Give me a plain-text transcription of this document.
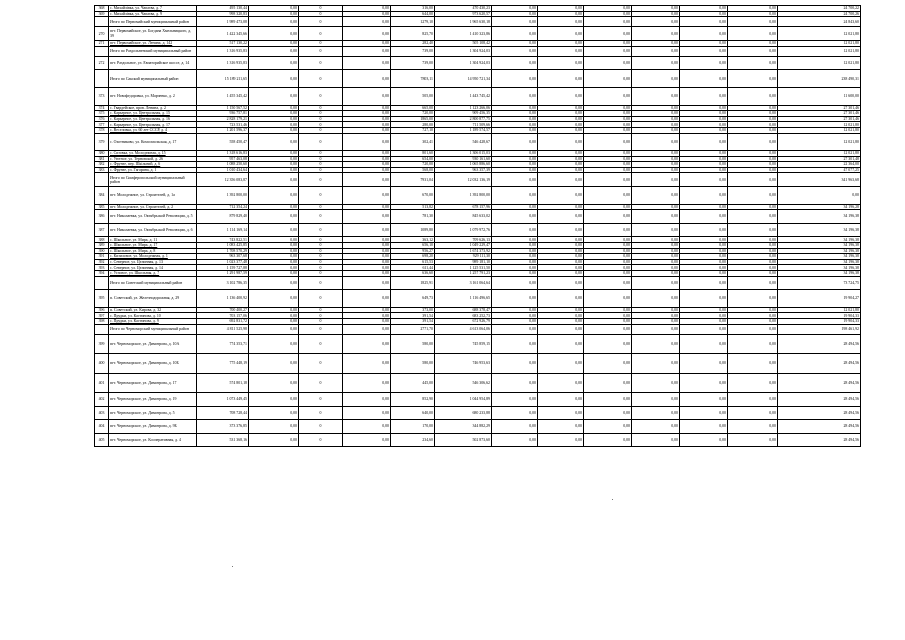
368	с. Михайлівка, ул. Чапаєва, д. 7	495 130,44	0,00	0	0,00	316,00	470 430,23	0,00	0,00	0,00	0,00	0,00	0,00	24 700,22
369	с. Михайлівка, ул. Чапаєва, д. 9	998 320,83	0,00	0	0,00	644,00	973 620,57	0,00	0,00	0,00	0,00	0,00	0,00	24 700,26
	Итого по Первомайский муниципальный район	1 989 473,08	0,00	0	0,00	1279,10	1 965 630,18	0,00	0,00	0,00	0,00	0,00	0,00	24 843,60
270	пгт. Первомайское, ул. Богдана Хмельницкого, д. 39	1 422 345,66	0,00	0	0,00	825,70	1 410 323,86	0,00	0,00	0,00	0,00	0,00	0,00	12 021,80
271	пгт. Первомайское, ул. Ленина, д. 142	517 130,22	0,00	0	0,00	282,40	505 108,42	0,00	0,00	0,00	0,00	0,00	0,00	12 021,80
	Итого по Раздольненский муниципальный район	1 316 935,83	0,00	0	0,00	739,00	1 304 924,03	0,00	0,00	0,00	0,00	0,00	0,00	12 021,80
272	пгт. Раздольное, ул. Евпаторийское шоссе, д. 14	1 316 935,83	0,00	0	0,00	739,00	1 304 924,03	0,00	0,00	0,00	0,00	0,00	0,00	12 021,80
	Итого по Сакский муниципальный район	15 189 211,65	0,00	0	0,00	7803,11	14 950 721,34	0,00	0,00	0,00	0,00	0,00	0,00	238 490,31
373	пгт. Новофедоровка, ул. Марченко, д. 2	1 455 345,42	0,00	0	0,00	505,00	1 443 745,42	0,00	0,00	0,00	0,00	0,00	0,00	11 600,00
374	с. Гвардейское, пров. Ленина, д. 2	1 150 567,52	0,00	0	0,00	665,00	1 123 266,06	0,00	0,00	0,00	0,00	0,00	0,00	27 301,46
375	с. Карьерное, ул. Центральная, д. 15	936 757,81	0,00	0	0,00	720,00	909 456,35	0,00	0,00	0,00	0,00	0,00	0,00	27 301,46
376	с. Карьерное, ул. Центральная, д. 16	2 828 179,21	0,00	0	0,00	1865,00	2 800 877,75	0,00	0,00	0,00	0,00	0,00	0,00	27 301,46
377	с. Карьерное, ул. Центральная, д. 17	723 531,46	0,00	0	0,00	280,00	711 509,66	0,00	0,00	0,00	0,00	0,00	0,00	12 021,80
378	с. Веселовка, ул. 60 лет СССР, д. 4	1 201 596,37	0,00	0	0,00	727,10	1 189 574,57	0,00	0,00	0,00	0,00	0,00	0,00	12 021,80
379	с. Охотниково, ул. Комсомольская, д. 17	558 450,47	0,00	0	0,00	302,41	546 428,67	0,00	0,00	0,00	0,00	0,00	0,00	12 021,80
380	с. Сизовка, ул. Молодежная, д. 15	1 318 616,83	0,00	0	0,00	801,60	1 306 015,03	0,00	0,00	0,00	0,00	0,00	0,00	12 021,80
381	с. Уютное, ул. Терновской, д. 26	957 463,08	0,00	0	0,00	654,00	930 161,60	0,00	0,00	0,00	0,00	0,00	0,00	27 301,48
382	с. Фрунзе, пер. Шкільний, д. 6	1 088 250,60	0,00	0	0,00	720,00	1 065 886,60	0,00	0,00	0,00	0,00	0,00	0,00	22 364,00
383	с. Фрунзе, ул. Гагарина, д. 1	1 010 434,64	0,00	0	0,00	568,00	963 357,39	0,00	0,00	0,00	0,00	0,00	0,00	47 077,25
	Итого по Симферопольский муниципальный район	12 356 083,87	0,00	0	0,00	7931,04	12 032 136,19	0,00	0,00	0,00	0,00	0,00	0,00	341 963,68
384	пгт. Молодежное, ул. Строителей, д. 1а	1 392 800,00	0,00	0	0,00	670,00	1 392 800,00	0,00	0,00	0,00	0,00	0,00	0,00	0,00
385	пгт. Молодежное, ул. Строителей, д. 2	712 354,24	0,00	0	0,00	513,82	678 157,96	0,00	0,00	0,00	0,00	0,00	0,00	34 196,28
386	пгт. Николаевка, ул. Октябрьской Революции, д. 5	879 829,40	0,00	0	0,00	781,30	845 633,02	0,00	0,00	0,00	0,00	0,00	0,00	34 196,38
387	пгт. Николаевка, ул. Октябрьской Революции, д. 6	1 114 169,14	0,00	0	0,00	1089,80	1 079 972,76	0,00	0,00	0,00	0,00	0,00	0,00	34 196,38
388	с. Школьное, ул. Мира, д. 11	743 822,51	0,00	0	0,00	363,12	709 626,13	0,00	0,00	0,00	0,00	0,00	0,00	34 196,38
389	с. Школьное, ул. Мира, д. 17	1 083 425,85	0,00	0	0,00	656,10	1 049 229,47	0,00	0,00	0,00	0,00	0,00	0,00	34 196,38
390	с. Школьное, ул. Мира, д. 8	1 708 570,29	0,00	0	0,00	956,27	1 674 373,92	0,00	0,00	0,00	0,00	0,00	0,00	34 196,38
391	с. Кизиловое, ул. Молодежная, д. 1	963 307,68	0,00	0	0,00	698,20	929 111,30	0,00	0,00	0,00	0,00	0,00	0,00	34 196,38
392	с. Северное, ул. Целинная, д. 13	1 023 377,48	0,00	0	0,00	615,53	989 181,10	0,00	0,00	0,00	0,00	0,00	0,00	34 196,38
393	с. Северное, ул. Целинная, д. 14	1 159 727,88	0,00	0	0,00	611,44	1 125 531,50	0,00	0,00	0,00	0,00	0,00	0,00	34 196,38
394	с. Угловое, ул. Школьная, д. 7	1 291 987,59	0,00	0	0,00	636,60	1 257 791,23	0,00	0,00	0,00	0,00	0,00	0,00	34 196,38
	Итого по Советский муниципальный район	3 102 786,35	0,00	0	0,00	1825,91	3 161 064,64	0,00	0,00	0,00	0,00	0,00	0,00	73 724,75
395	п. Советский, ул. Железнодорожная, д. 29	1 136 400,92	0,00	0	0,00	649,73	1 116 496,65	0,00	0,00	0,00	0,00	0,00	0,00	19 904,27
396	п. Советский, ул. Кирова, д. 32	700 400,27	0,00	0	0,00	373,00	688 378,47	0,00	0,00	0,00	0,00	0,00	0,00	12 021,80
397	с. Прудки, ул. Кастинова, д. 10	703 157,06	0,00	0	0,00	391,54	683 252,73	0,00	0,00	0,00	0,00	0,00	0,00	19 904,33
398	с. Прудки, ул. Кастинова, д. 9	692 831,72	0,00	0	0,00	391,54	672 926,79	0,00	0,00	0,00	0,00	0,00	0,00	19 904,33
	Итого по Черноморский муниципальный район	4 811 525,98	0,00	0	0,00	2771,70	4 613 064,06	0,00	0,00	0,00	0,00	0,00	0,00	198 461,92
399	пгт. Черноморское, ул. Димитрова, д. 10А	774 353,71	0,00	0	0,00	580,00	745 859,15	0,00	0,00	0,00	0,00	0,00	0,00	28 494,56
400	пгт. Черноморское, ул. Димитрова, д. 10Б	775 448,19	0,00	0	0,00	580,00	746 953,63	0,00	0,00	0,00	0,00	0,00	0,00	28 494,56
401	пгт. Черноморское, ул. Димитрова, д. 17	574 801,18	0,00	0	0,00	445,00	546 306,62	0,00	0,00	0,00	0,00	0,00	0,00	28 494,56
402	пгт. Черноморское, ул. Димитрова, д. 19	1 073 449,45	0,00	0	0,00	852,90	1 044 954,89	0,00	0,00	0,00	0,00	0,00	0,00	28 494,56
403	пгт. Черноморское, ул. Димитрова, д. 5	708 728,44	0,00	0	0,00	640,00	680 233,88	0,00	0,00	0,00	0,00	0,00	0,00	28 494,56
404	пгт. Черноморское, ул. Димитрова, д. 9Б	373 376,85	0,00	0	0,00	170,00	344 882,29	0,00	0,00	0,00	0,00	0,00	0,00	28 494,56
405	пгт. Черноморское, ул. Кооперативная, д. 4	531 368,16	0,00	0	0,00	234,60	502 873,60	0,00	0,00	0,00	0,00	0,00	0,00	28 494,56
